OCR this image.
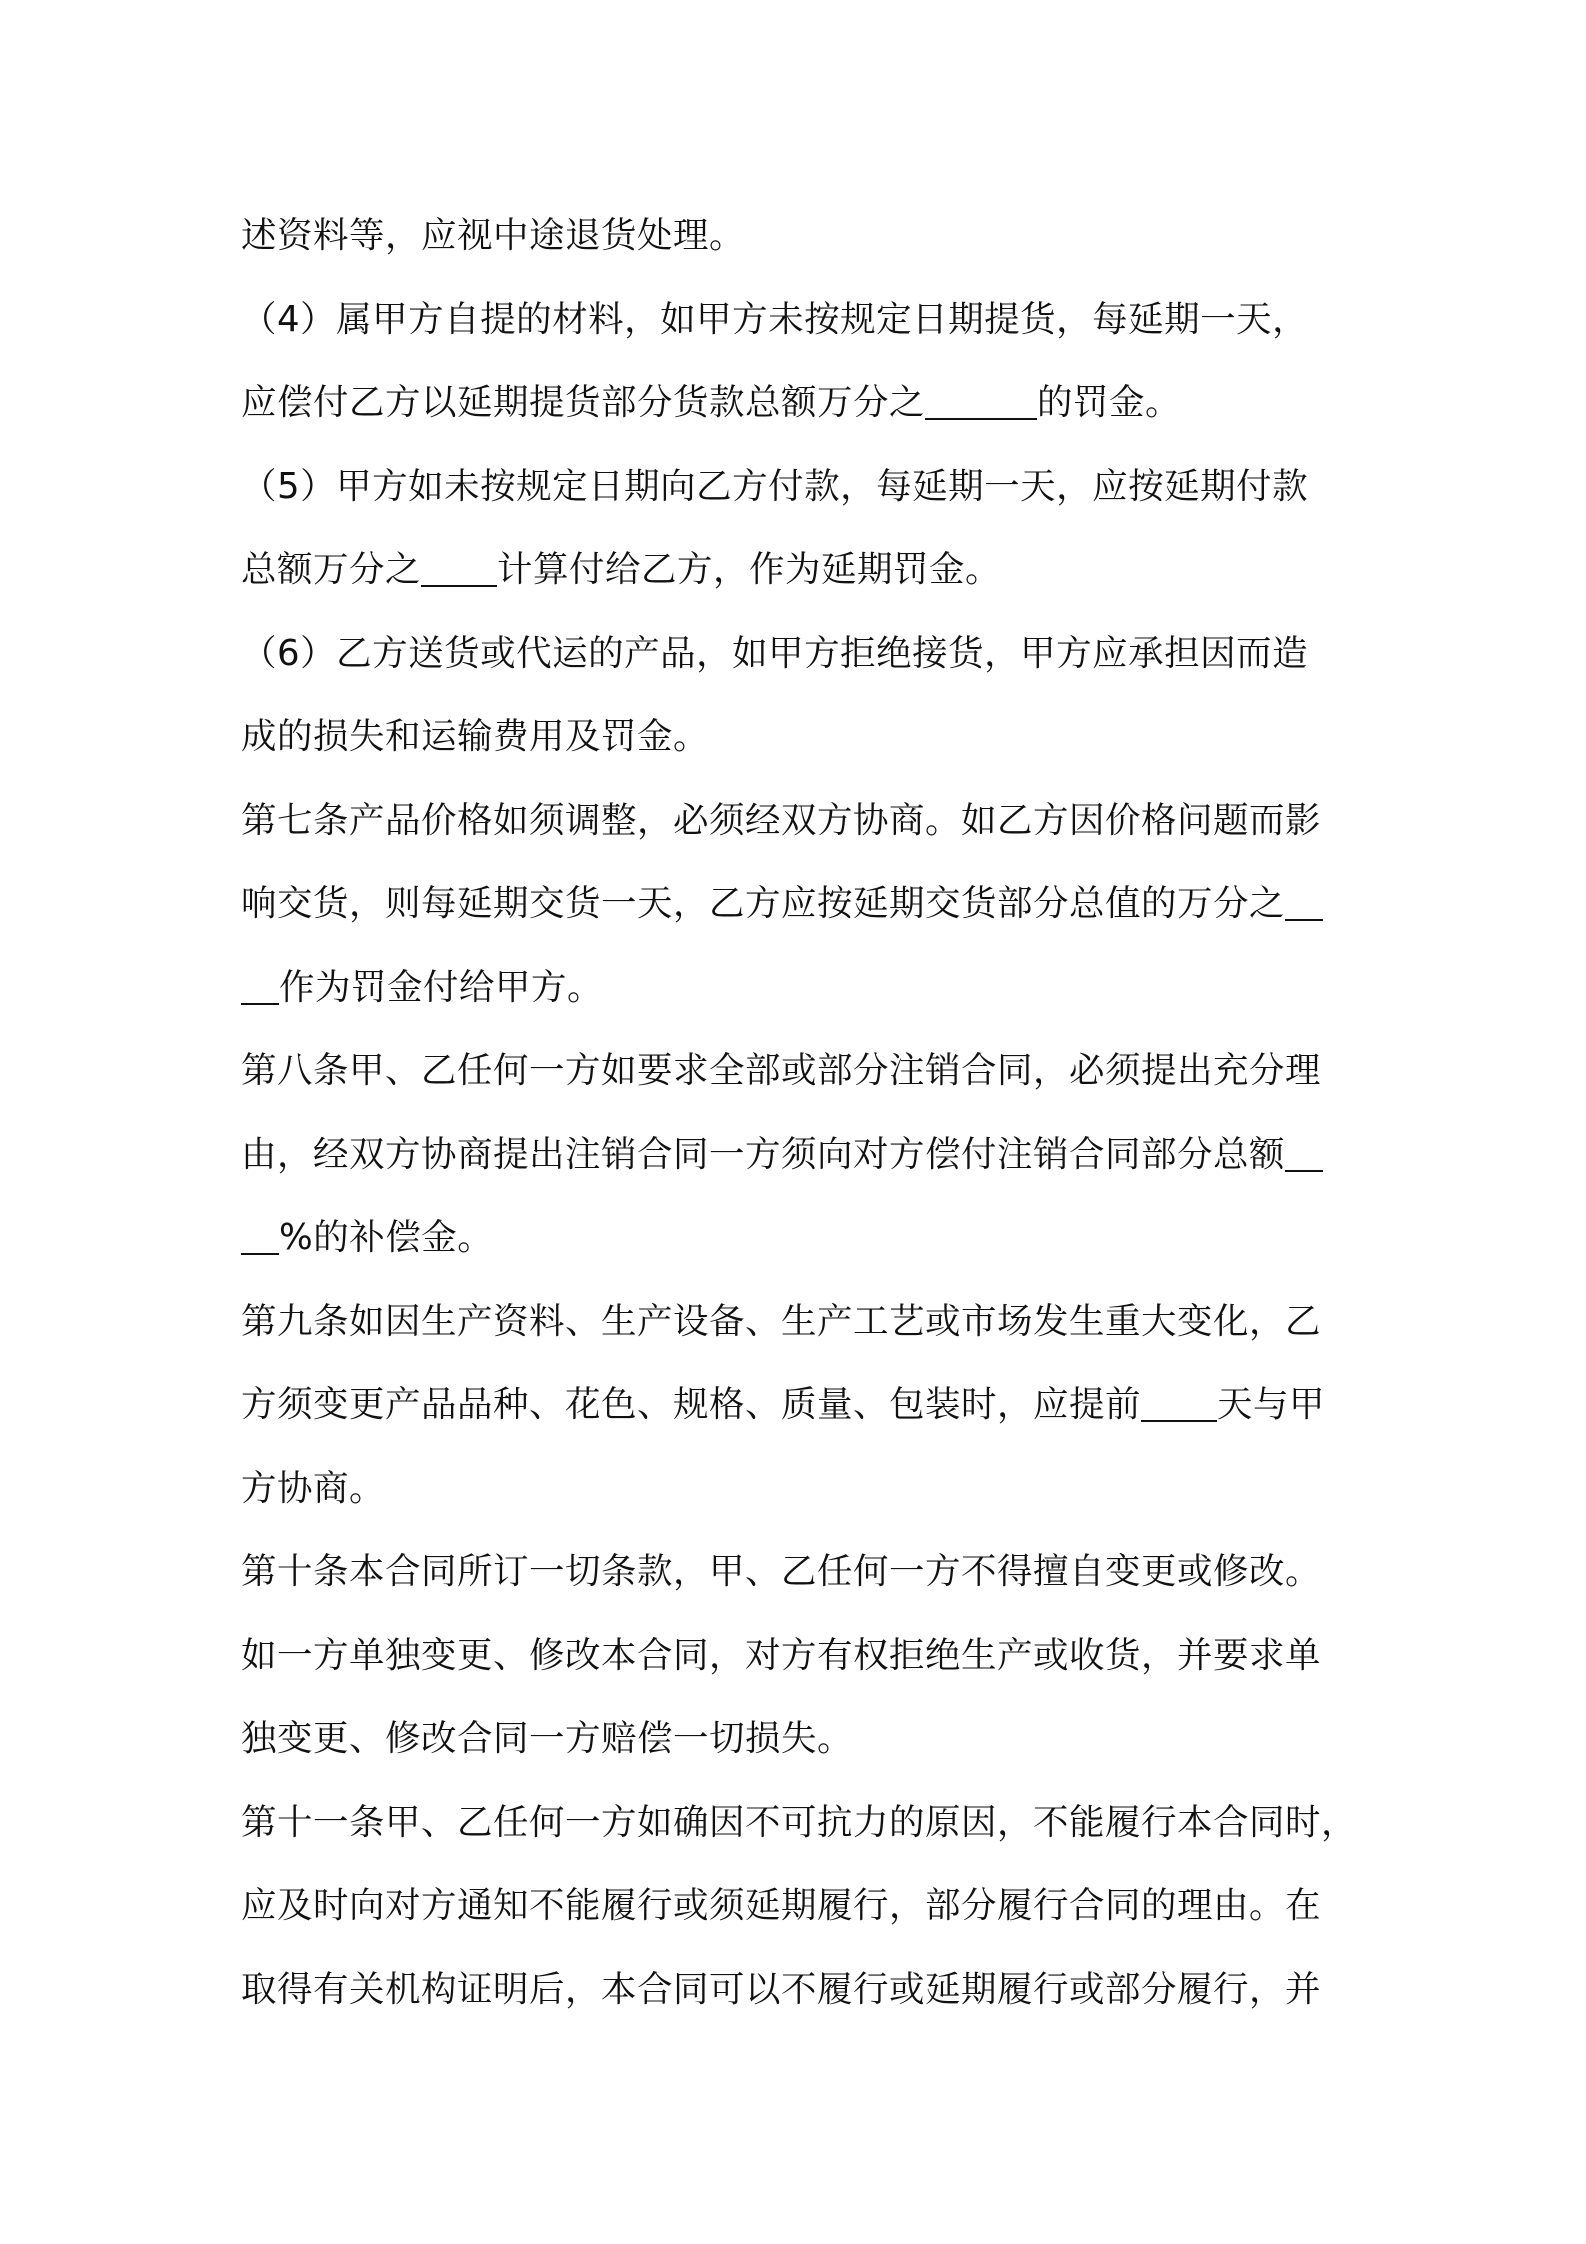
述资料等，应视中途退货处理。
（4）属甲方自提的材料，如甲方未按规定日期提货，每延期一天，
应偿付乙方以延期提货部分货款总额万分之	的罚金。
（5）甲方如未按规定日期向乙方付款，每延期一天，应按延期付款
总额万分之 计算付给乙方，作为延期罚金。
（6）乙方送货或代运的产品，如甲方拒绝接货，甲方应承担因而造
成的损失和运输费用及罚金。
第七条产品价格如须调整，必须经双方协商。如乙方因价格问题而影
响交货，则每延期交货一天，乙方应按延期交货部分总值的万分之
作为罚金付给甲方。
第八条甲、乙任何一方如要求全部或部分注销合同，必须提出充分理
由，经双方协商提出注销合同一方须向对方偿付注销合同部分总额
%的补偿金。
第九条如因生产资料、生产设备、生产工艺或市场发生重大变化，乙
方须变更产品品种、花色、规格、质量、包装时，应提前 天与甲
方协商。
第十条本合同所订一切条款，甲、乙任何一方不得擅自变更或修改。
如一方单独变更、修改本合同，对方有权拒绝生产或收货，并要求单
独变更、修改合同一方赔偿一切损失。
第十一条甲、乙任何一方如确因不可抗力的原因，不能履行本合同时，
应及时向对方通知不能履行或须延期履行，部分履行合同的理由。在
取得有关机构证明后，本合同可以不履行或延期履行或部分履行，并
